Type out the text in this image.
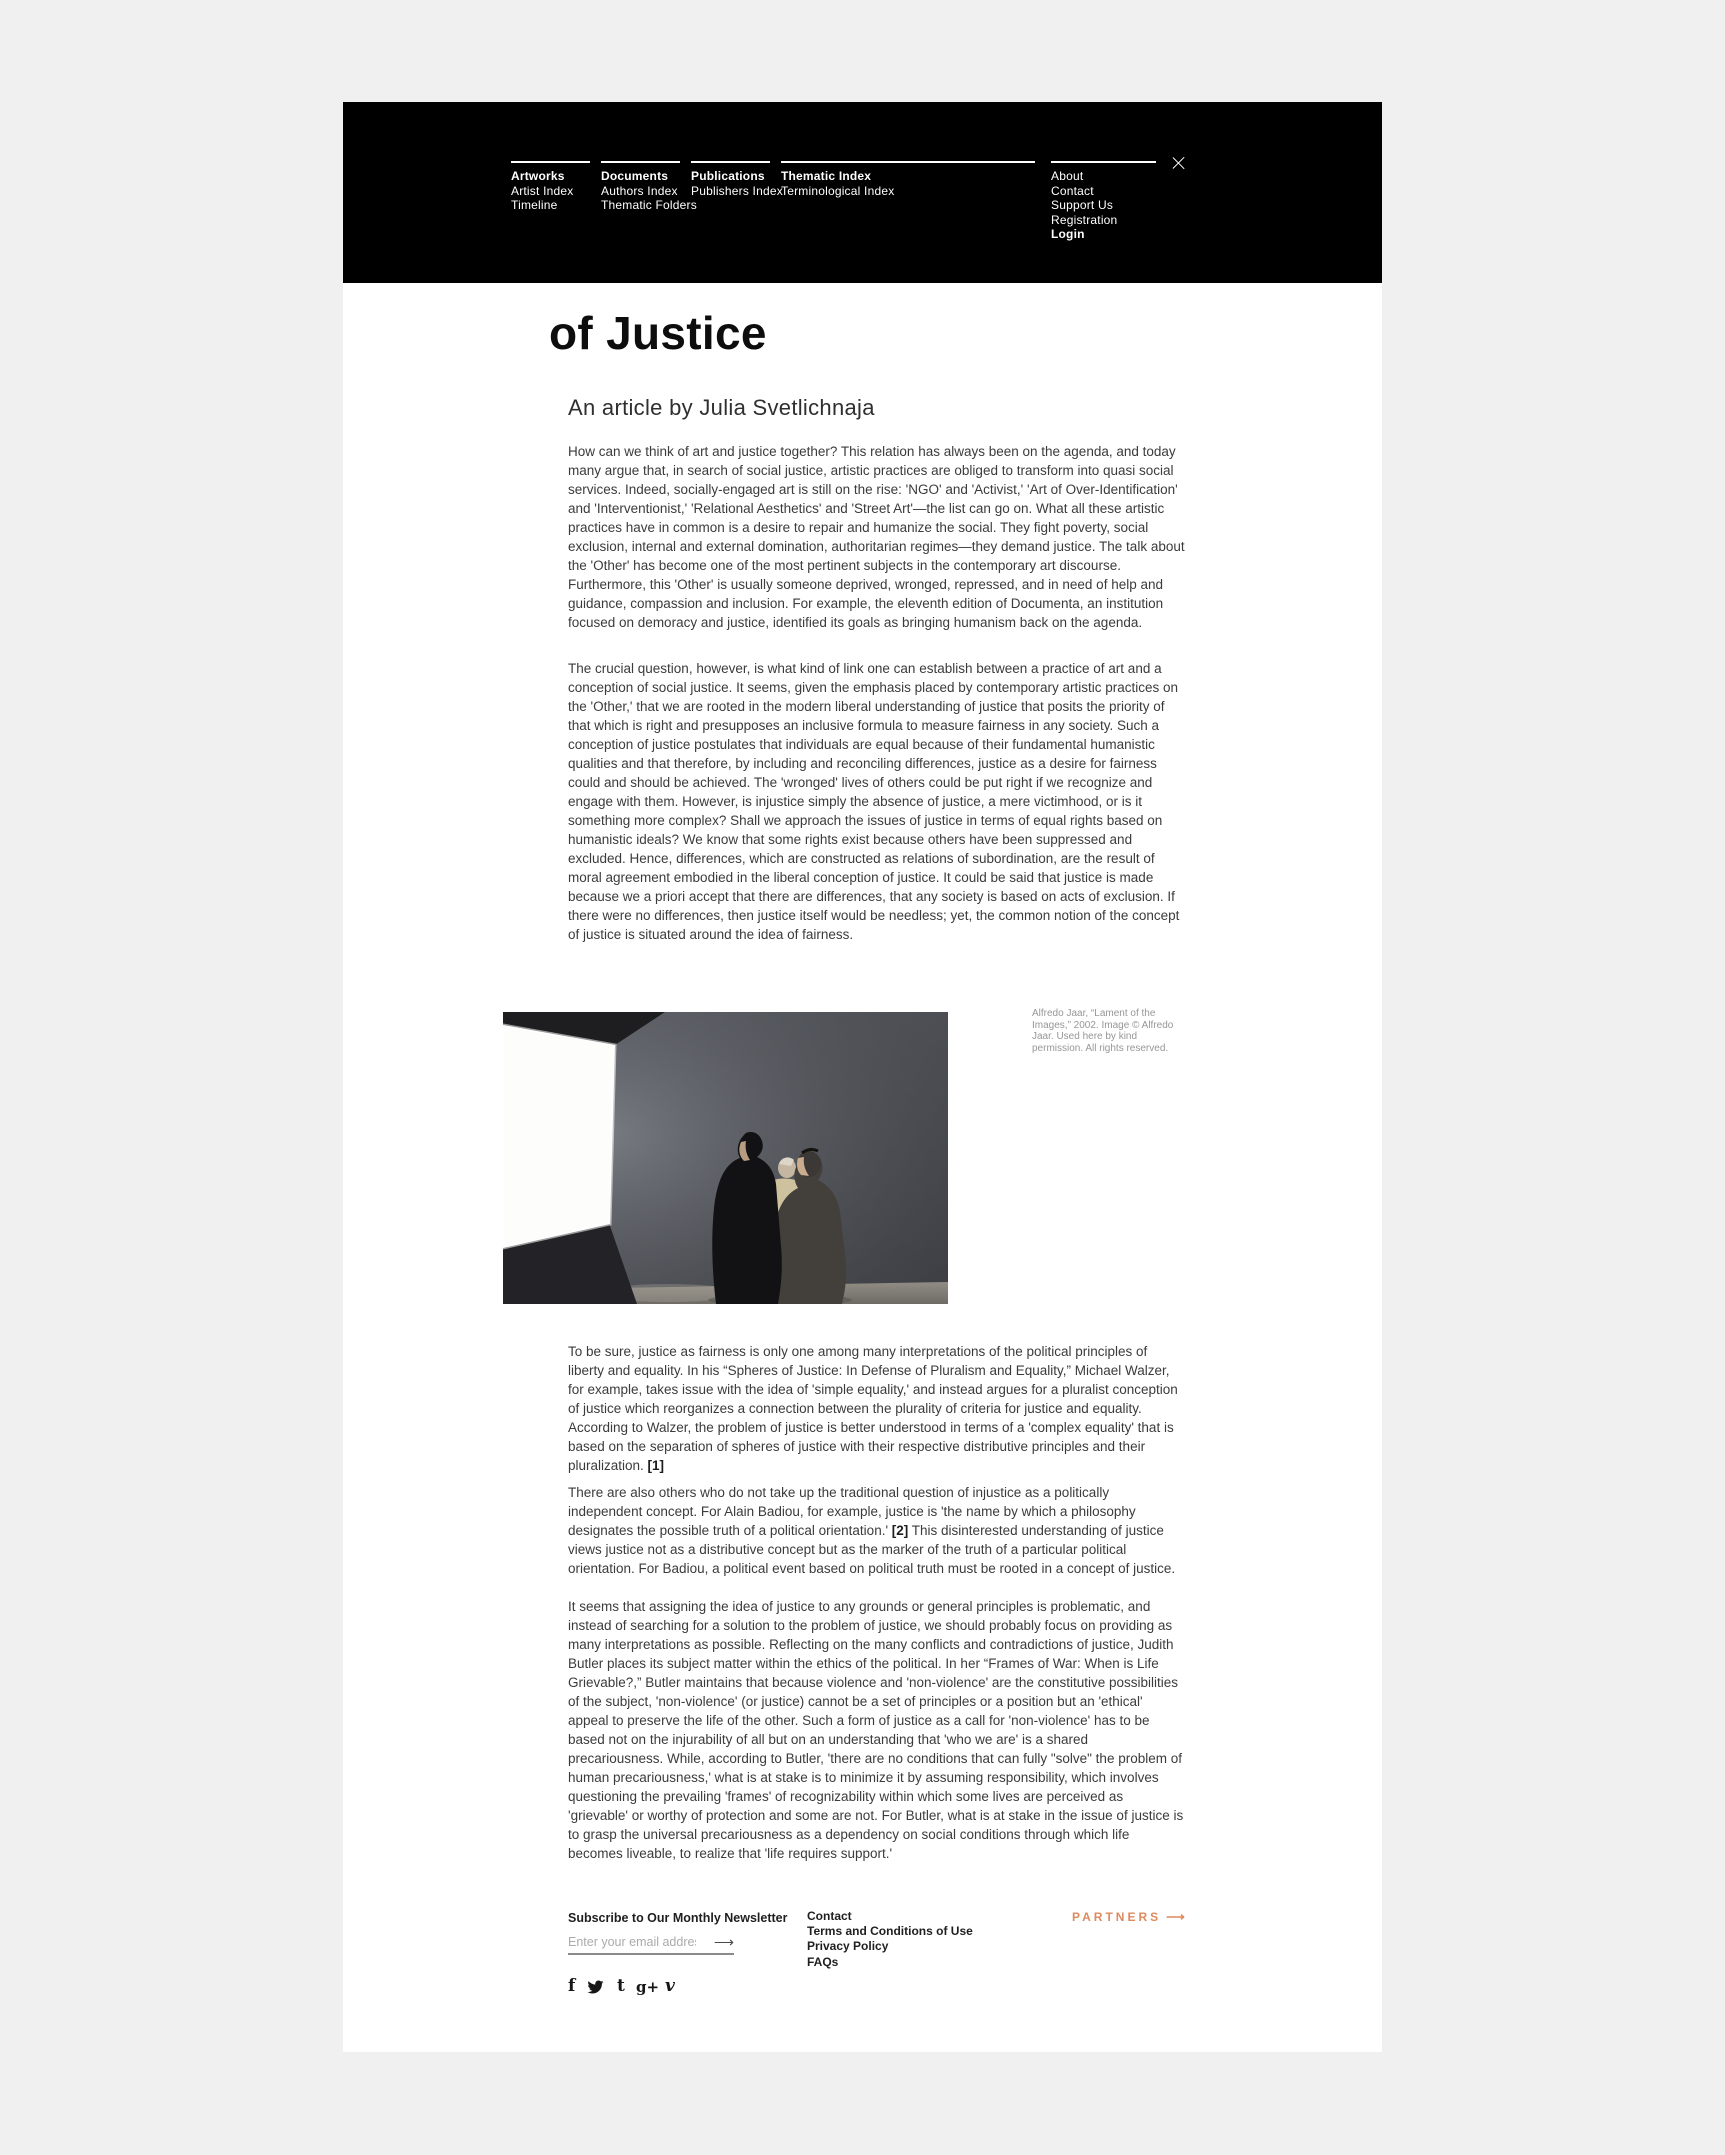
Artworks
Artist Index
Timeline
Documents
Authors Index
Thematic Folders
Publications
Publishers Index
Thematic Index
Terminological Index
About
Contact
Support Us
Registration
Login
of Justice
An article by Julia Svetlichnaja

How can we think of art and justice together? This relation has always been on the agenda, and today many argue that, in search of social justice, artistic practices are obliged to transform into quasi social services. Indeed, socially-engaged art is still on the rise: 'NGO' and 'Activist,' 'Art of Over-Identification' and 'Interventionist,' 'Relational Aesthetics' and 'Street Art'—the list can go on. What all these artistic practices have in common is a desire to repair and humanize the social. They fight poverty, social exclusion, internal and external domination, authoritarian regimes—they demand justice. The talk about the 'Other' has become one of the most pertinent subjects in the contemporary art discourse. Furthermore, this 'Other' is usually someone deprived, wronged, repressed, and in need of help and guidance, compassion and inclusion. For example, the eleventh edition of Documenta, an institution focused on demoracy and justice, identified its goals as bringing humanism back on the agenda.

The crucial question, however, is what kind of link one can establish between a practice of art and a conception of social justice. It seems, given the emphasis placed by contemporary artistic practices on the 'Other,' that we are rooted in the modern liberal understanding of justice that posits the priority of that which is right and presupposes an inclusive formula to measure fairness in any society. Such a conception of justice postulates that individuals are equal because of their fundamental humanistic qualities and that therefore, by including and reconciling differences, justice as a desire for fairness could and should be achieved. The 'wronged' lives of others could be put right if we recognize and engage with them. However, is injustice simply the absence of justice, a mere victimhood, or is it something more complex? Shall we approach the issues of justice in terms of equal rights based on humanistic ideals? We know that some rights exist because others have been suppressed and excluded. Hence, differences, which are constructed as relations of subordination, are the result of moral agreement embodied in the liberal conception of justice. It could be said that justice is made because we a priori accept that there are differences, that any society is based on acts of exclusion. If there were no differences, then justice itself would be needless; yet, the common notion of the concept of justice is situated around the idea of fairness.

Alfredo Jaar, “Lament of the Images,” 2002. Image © Alfredo Jaar. Used here by kind permission. All rights reserved.

To be sure, justice as fairness is only one among many interpretations of the political principles of liberty and equality. In his “Spheres of Justice: In Defense of Pluralism and Equality,” Michael Walzer, for example, takes issue with the idea of 'simple equality,' and instead argues for a pluralist conception of justice which reorganizes a connection between the plurality of criteria for justice and equality. According to Walzer, the problem of justice is better understood in terms of a 'complex equality' that is based on the separation of spheres of justice with their respective distributive principles and their pluralization. [1]

There are also others who do not take up the traditional question of injustice as a politically independent concept. For Alain Badiou, for example, justice is 'the name by which a philosophy designates the possible truth of a political orientation.' [2] This disinterested understanding of justice views justice not as a distributive concept but as the marker of the truth of a particular political orientation. For Badiou, a political event based on political truth must be rooted in a concept of justice.

It seems that assigning the idea of justice to any grounds or general principles is problematic, and instead of searching for a solution to the problem of justice, we should probably focus on providing as many interpretations as possible. Reflecting on the many conflicts and contradictions of justice, Judith Butler places its subject matter within the ethics of the political. In her “Frames of War: When is Life Grievable?,” Butler maintains that because violence and 'non-violence' are the constitutive possibilities of the subject, 'non-violence' (or justice) cannot be a set of principles or a position but an 'ethical' appeal to preserve the life of the other. Such a form of justice as a call for 'non-violence' has to be based not on the injurability of all but on an understanding that 'who we are' is a shared precariousness. While, according to Butler, 'there are no conditions that can fully "solve" the problem of human precariousness,' what is at stake is to minimize it by assuming responsibility, which involves questioning the prevailing 'frames' of recognizability within which some lives are perceived as 'grievable' or worthy of protection and some are not. For Butler, what is at stake in the issue of justice is to grasp the universal precariousness as a dependency on social conditions through which life becomes liveable, to realize that 'life requires support.'

Subscribe to Our Monthly Newsletter
Enter your email address
⟶
f t g+ v
Contact
Terms and Conditions of Use
Privacy Policy
FAQs
PARTNERS ⟶
